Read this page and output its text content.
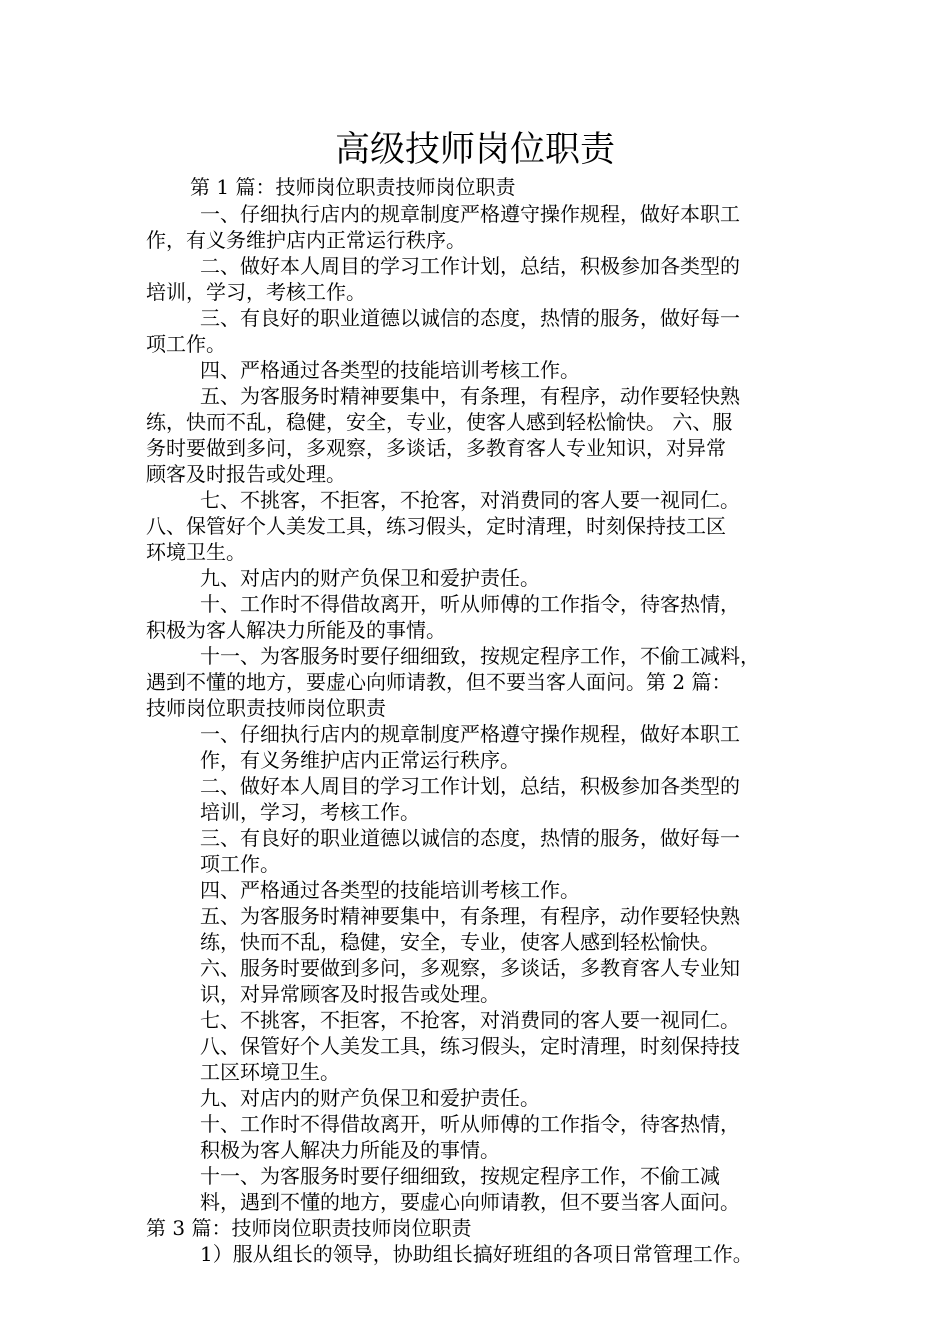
高级技师岗位职责
第 1 篇：技师岗位职责技师岗位职责
一、仔细执行店内的规章制度严格遵守操作规程，做好本职工
作，有义务维护店内正常运行秩序。
二、做好本人周目的学习工作计划，总结，积极参加各类型的
培训，学习，考核工作。
三、有良好的职业道德以诚信的态度，热情的服务，做好每一
项工作。
四、严格通过各类型的技能培训考核工作。
五、为客服务时精神要集中，有条理，有程序，动作要轻快熟
练，快而不乱，稳健，安全，专业，使客人感到轻松愉快。 六、服
务时要做到多问，多观察，多谈话，多教育客人专业知识，对异常
顾客及时报告或处理。
七、不挑客，不拒客，不抢客，对消费同的客人要一视同仁。
八、保管好个人美发工具，练习假头，定时清理，时刻保持技工区
环境卫生。
九、对店内的财产负保卫和爱护责任。
十、工作时不得借故离开，听从师傅的工作指令，待客热情，
积极为客人解决力所能及的事情。
十一、为客服务时要仔细细致，按规定程序工作，不偷工减料，
遇到不懂的地方，要虚心向师请教，但不要当客人面问。第 2 篇：
技师岗位职责技师岗位职责
一、仔细执行店内的规章制度严格遵守操作规程，做好本职工
作，有义务维护店内正常运行秩序。
二、做好本人周目的学习工作计划，总结，积极参加各类型的
培训，学习，考核工作。
三、有良好的职业道德以诚信的态度，热情的服务，做好每一
项工作。
四、严格通过各类型的技能培训考核工作。
五、为客服务时精神要集中，有条理，有程序，动作要轻快熟
练，快而不乱，稳健，安全，专业，使客人感到轻松愉快。
六、服务时要做到多问，多观察，多谈话，多教育客人专业知
识，对异常顾客及时报告或处理。
七、不挑客，不拒客，不抢客，对消费同的客人要一视同仁。
八、保管好个人美发工具，练习假头，定时清理，时刻保持技
工区环境卫生。
九、对店内的财产负保卫和爱护责任。
十、工作时不得借故离开，听从师傅的工作指令，待客热情，
积极为客人解决力所能及的事情。
十一、为客服务时要仔细细致，按规定程序工作，不偷工减
料，遇到不懂的地方，要虚心向师请教，但不要当客人面问。
第 3 篇：技师岗位职责技师岗位职责
1）服从组长的领导，协助组长搞好班组的各项日常管理工作。
